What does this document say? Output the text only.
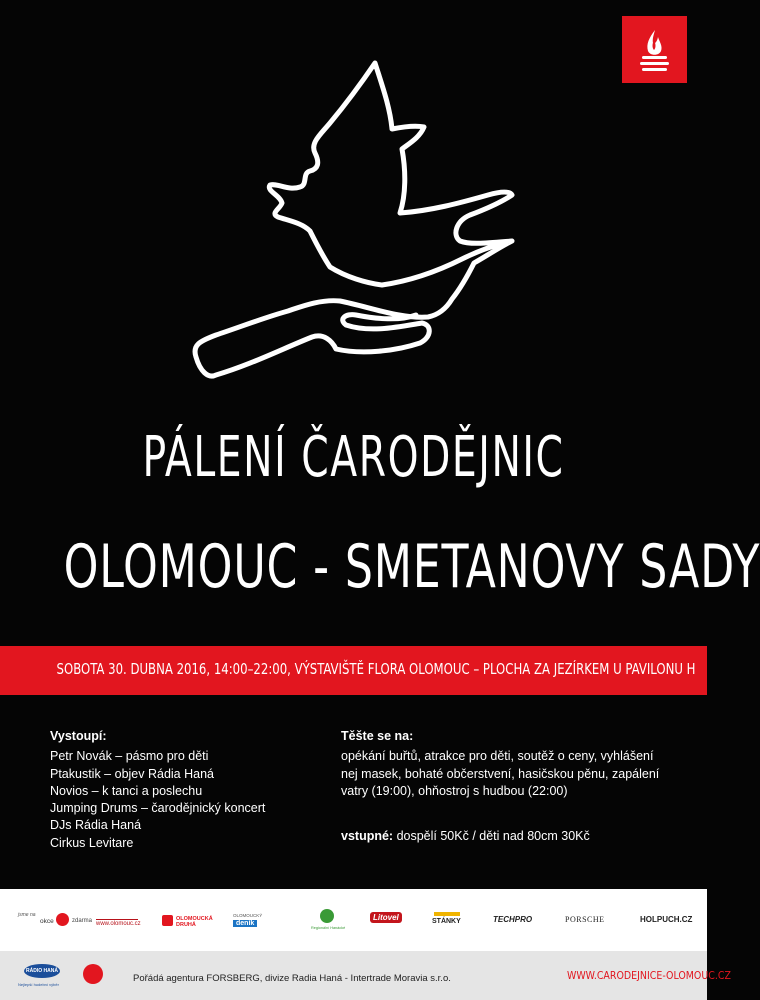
PÁLENÍ ČARODĚJNIC
OLOMOUC - SMETANOVY SADY
SOBOTA 30. DUBNA 2016, 14:00–22:00, VÝSTAVIŠTĚ FLORA OLOMOUC – PLOCHA ZA JEZÍRKEM U PAVILONU H
Vystoupí:
Petr Novák – pásmo pro děti
Ptakustik – objev Rádia Haná
Novios – k tanci a poslechu
Jumping Drums – čarodějnický koncert
DJs Rádia Haná
Cirkus Levitare
Těšte se na:
opékání buřtů, atrakce pro děti, soutěž o ceny, vyhlášení
nej masek, bohaté občerstvení, hasičskou pěnu, zapálení
vatry (19:00), ohňostroj s hudbou (22:00)
vstupné: dospělí 50Kč / děti nad 80cm 30Kč
jsme na
okce	zdarma www.olomouc.cz
OLOMOUCKÁ DRUHÁ
OLOMOUCKÝ
deník
Regionální Hanácké
Litovel	STÁNKY	TECHPRO	PORSCHE	HOLPUCH.CZ
RÁDIO HANÁ
Nejlepší hudební výběr
Pořádá agentura FORSBERG, divize Radia Haná - Intertrade Moravia s.r.o.	WWW.CARODEJNICE-OLOMOUC.CZ
